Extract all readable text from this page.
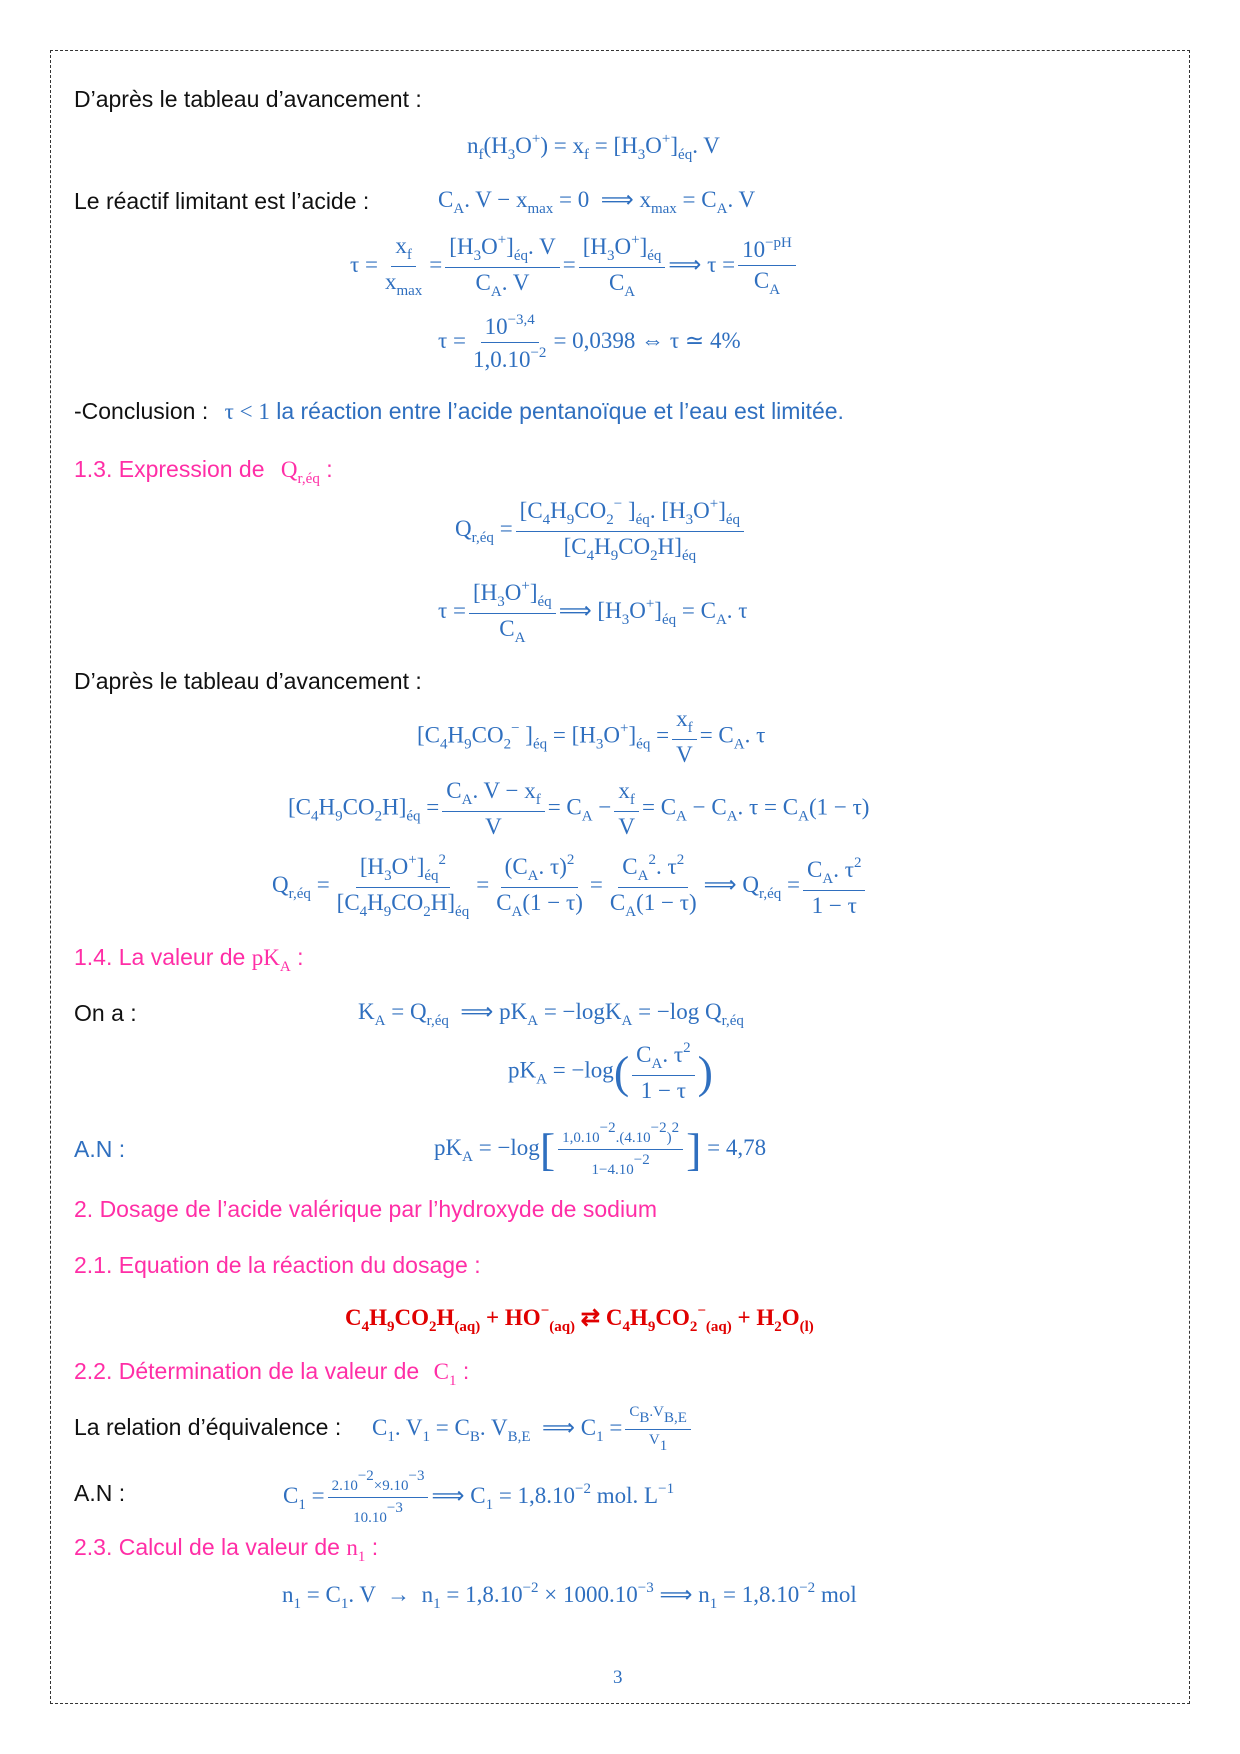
D’après le tableau d’avancement :
$n_f(H_3O^+) = x_f = [H_3O^+]_{éq}$. V
Le réactif limitant est l’acide :	$C_A$. $V - x_{max} = 0$  ⟹ $x_{max} = C_A$. V
$\tau = \frac{x_f}{x_{max}} = \frac{[H_3O^+]_{éq}. V}{C_A. V} = \frac{[H_3O^+]_{éq}}{C_A}$ ⟹ $\tau = \frac{10^{-pH}}{C_A}$
$\tau = \frac{10^{-3,4}}{1,0.10^{-2}} = 0,0398$ ⇔ τ ≃ 4%
-Conclusion : τ < 1 la réaction entre l’acide pentanoïque et l’eau est limitée.
1.3. Expression de $Q_{r,éq}$ :
$Q_{r,éq} = \frac{[C_4H_9CO_2^- ]_{éq}. [H_3O^+]_{éq}}{[C_4H_9CO_2H]_{éq}}$
$\tau = \frac{[H_3O^+]_{éq}}{C_A}$ ⟹ $[H_3O^+]_{éq} = C_A$. τ
D’après le tableau d’avancement :
[$C_4H_9CO_2^-$ ]$_{éq} = [H_3O^+]_{éq} = \frac{x_f}{V} = C_A$. τ
$[C_4H_9CO_2H]_{éq} = \frac{C_A. V - x_f}{V} = C_A - \frac{x_f}{V} = C_A - C_A$. $\tau = C_A(1 - \tau)$
$Q_{r,éq} = \frac{[H_3O^+]_{éq}^2}{[C_4H_9CO_2H]_{éq}} = \frac{(C_A. \tau)^2}{C_A(1 - \tau)} = \frac{C_A^2. \tau^2}{C_A(1 - \tau)}$ ⟹ $Q_{r,éq} = \frac{C_A. \tau^2}{1 - \tau}$
1.4. La valeur de $pK_A$ :
On a :	$K_A = Q_{r,éq}$  ⟹ $pK_A = -\log K_A = -\log$ $Q_{r,éq}$
$pK_A = -\log( \frac{C_A. \tau^2}{1 - \tau}$ )
A.N :	$pK_A = -\log[ \frac{1,0.10-2.(4.10-2)2}{1-4.10-2}$ ] = 4,78
2. Dosage de l’acide valérique par l’hydroxyde de sodium
2.1. Equation de la réaction du dosage :
$C_4H_9CO_2H_{(aq)} + HO^-_{(aq)}$ ⇄ $C_4H_9CO_2^-_{(aq)} + H_2O_{(l)}$
2.2. Détermination de la valeur de $C_1$ :
La relation d’équivalence : $C_1$. $V_1 = C_B$. $V_{B,E}$  ⟹ $C_1 = \frac{CB.VB,E}{V1}$
A.N :	$C_1 = \frac{2.10-2\times 9.10-3}{10.10-3}$ ⟹ $C_1 = 1,8.10^{-2}$ mol. $L^{-1}$
2.3. Calcul de la valeur de $n_1$ :
$n_1 = C_1$. $V \to n_1 = 1,8.10^{-2} \times 1000.10^{-3}$ ⟹ $n_1 = 1,8.10^{-2}$ mol
3
